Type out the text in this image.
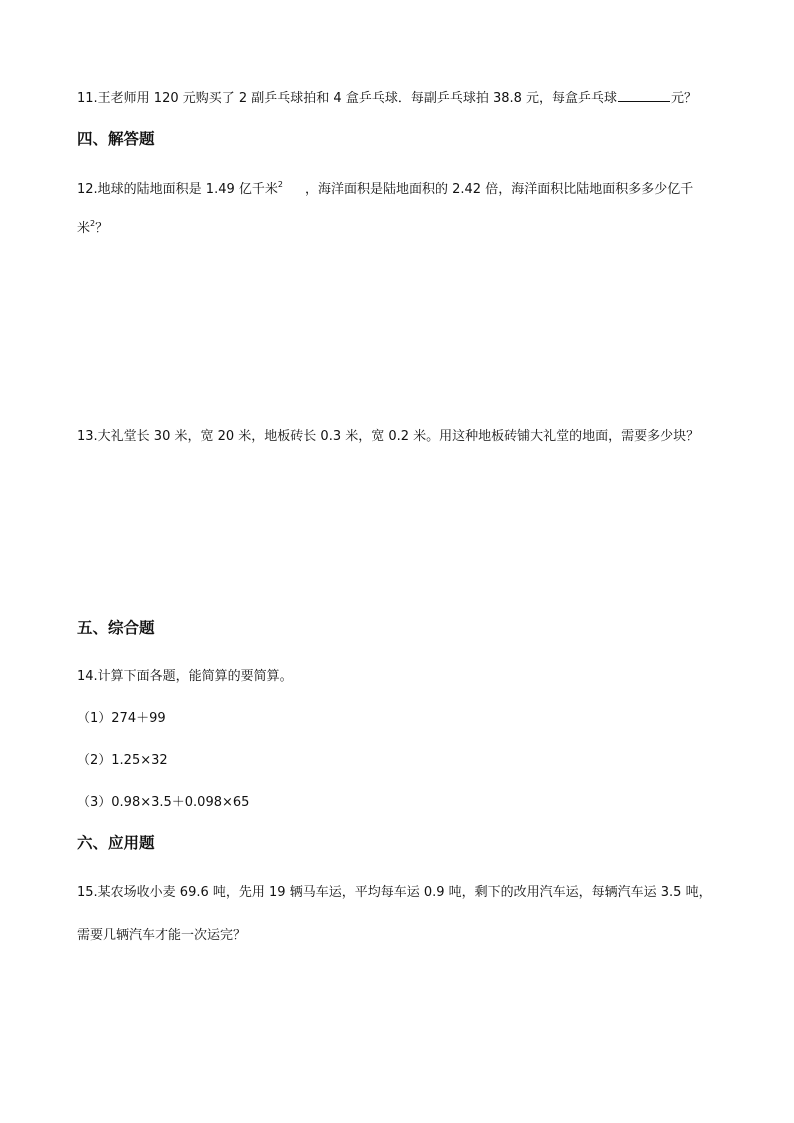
11.王老师用 120 元购买了 2 副乒乓球拍和 4 盒乒乓球．每副乒乓球拍 38.8 元，每盒乒乓球	元？
四、解答题
12.地球的陆地面积是 1.49 亿千米$^2$ ，海洋面积是陆地面积的 2.42 倍，海洋面积比陆地面积多多少亿千
米$^2$？
13.大礼堂长 30 米，宽 20 米，地板砖长 0.3 米，宽 0.2 米。用这种地板砖铺大礼堂的地面，需要多少块？
五、综合题
14.计算下面各题，能简算的要简算。
（1）274＋99
（2）1.25×32
（3）0.98×3.5＋0.098×65
六、应用题
15.某农场收小麦 69.6 吨，先用 19 辆马车运，平均每车运 0.9 吨，剩下的改用汽车运，每辆汽车运 3.5 吨，
需要几辆汽车才能一次运完？
